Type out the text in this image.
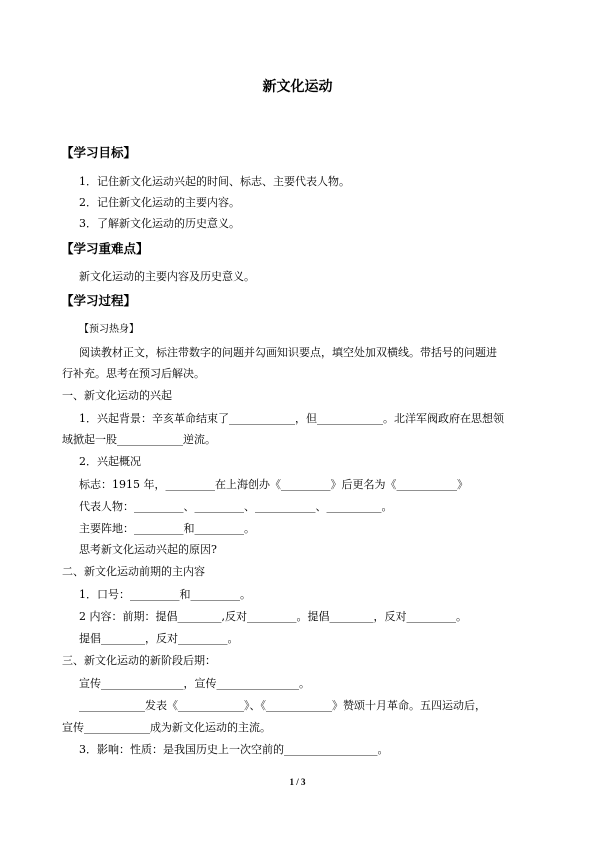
新文化运动
【学习目标】
1．记住新文化运动兴起的时间、标志、主要代表人物。
2．记住新文化运动的主要内容。
3．了解新文化运动的历史意义。
【学习重难点】
新文化运动的主要内容及历史意义。
【学习过程】
【预习热身】
阅读教材正文，标注带数字的问题并勾画知识要点，填空处加双横线。带括号的问题进
行补充。思考在预习后解决。
一、新文化运动的兴起
1．兴起背景：辛亥革命结束了____________，但____________。北洋军阀政府在思想领
域掀起一股____________逆流。
2．兴起概况
标志：1915 年，_________在上海创办《_________》后更名为《___________》
代表人物：_________、_________、___________、__________。
主要阵地：_________和_________。
思考新文化运动兴起的原因?
二、新文化运动前期的主内容
1．口号：_________和_________。
2 内容：前期：提倡________,反对_________。提倡________，反对_________。
提倡________，反对_________。
三、新文化运动的新阶段后期：
宣传_______________，宣传_______________。
____________发表《____________》、《____________》赞颂十月革命。五四运动后，
宣传____________成为新文化运动的主流。
3．影响：性质：是我国历史上一次空前的_________________。
1 / 3
